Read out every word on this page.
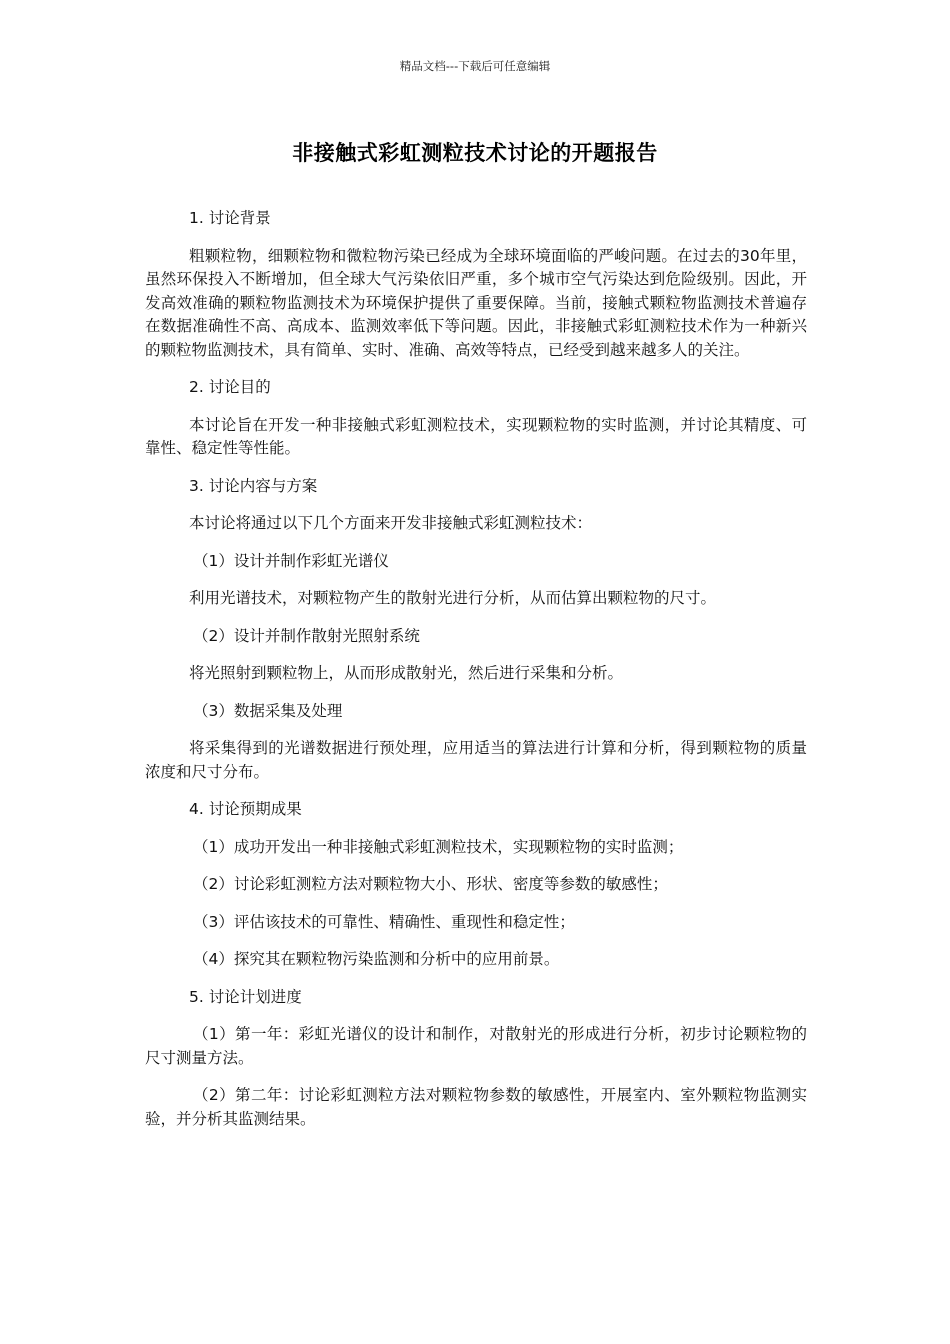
精品文档---下载后可任意编辑
非接触式彩虹测粒技术讨论的开题报告

1. 讨论背景

粗颗粒物，细颗粒物和微粒物污染已经成为全球环境面临的严峻问题。在过去的30年里，虽然环保投入不断增加，但全球大气污染依旧严重，多个城市空气污染达到危险级别。因此，开发高效准确的颗粒物监测技术为环境保护提供了重要保障。当前，接触式颗粒物监测技术普遍存在数据准确性不高、高成本、监测效率低下等问题。因此，非接触式彩虹测粒技术作为一种新兴的颗粒物监测技术，具有简单、实时、准确、高效等特点，已经受到越来越多人的关注。

2. 讨论目的

本讨论旨在开发一种非接触式彩虹测粒技术，实现颗粒物的实时监测，并讨论其精度、可靠性、稳定性等性能。

3. 讨论内容与方案

本讨论将通过以下几个方面来开发非接触式彩虹测粒技术：

（1）设计并制作彩虹光谱仪

利用光谱技术，对颗粒物产生的散射光进行分析，从而估算出颗粒物的尺寸。

（2）设计并制作散射光照射系统

将光照射到颗粒物上，从而形成散射光，然后进行采集和分析。

（3）数据采集及处理

将采集得到的光谱数据进行预处理，应用适当的算法进行计算和分析，得到颗粒物的质量浓度和尺寸分布。

4. 讨论预期成果

（1）成功开发出一种非接触式彩虹测粒技术，实现颗粒物的实时监测；

（2）讨论彩虹测粒方法对颗粒物大小、形状、密度等参数的敏感性；

（3）评估该技术的可靠性、精确性、重现性和稳定性；

（4）探究其在颗粒物污染监测和分析中的应用前景。

5. 讨论计划进度

（1）第一年：彩虹光谱仪的设计和制作，对散射光的形成进行分析，初步讨论颗粒物的尺寸测量方法。

（2）第二年：讨论彩虹测粒方法对颗粒物参数的敏感性，开展室内、室外颗粒物监测实验，并分析其监测结果。
